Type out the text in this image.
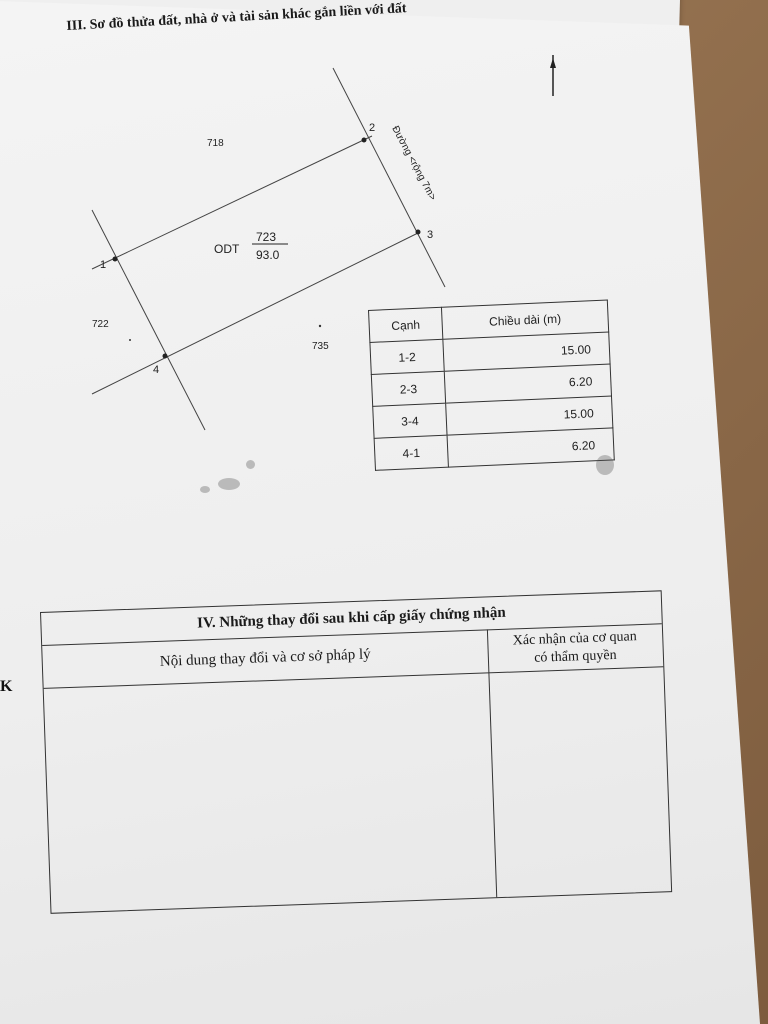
K
III. Sơ đồ thửa đất, nhà ở và tài sản khác gắn liền với đất
1
2
3
4
718
722
735
ODT
723
93.0
Đường <rộng 7m>
Cạnh	Chiều dài (m)
1-2	15.00
2-3	6.20
3-4	15.00
4-1	6.20
IV. Những thay đổi sau khi cấp giấy chứng nhận
Nội dung thay đổi và cơ sở pháp lý
Xác nhận của cơ quan
có thẩm quyền
